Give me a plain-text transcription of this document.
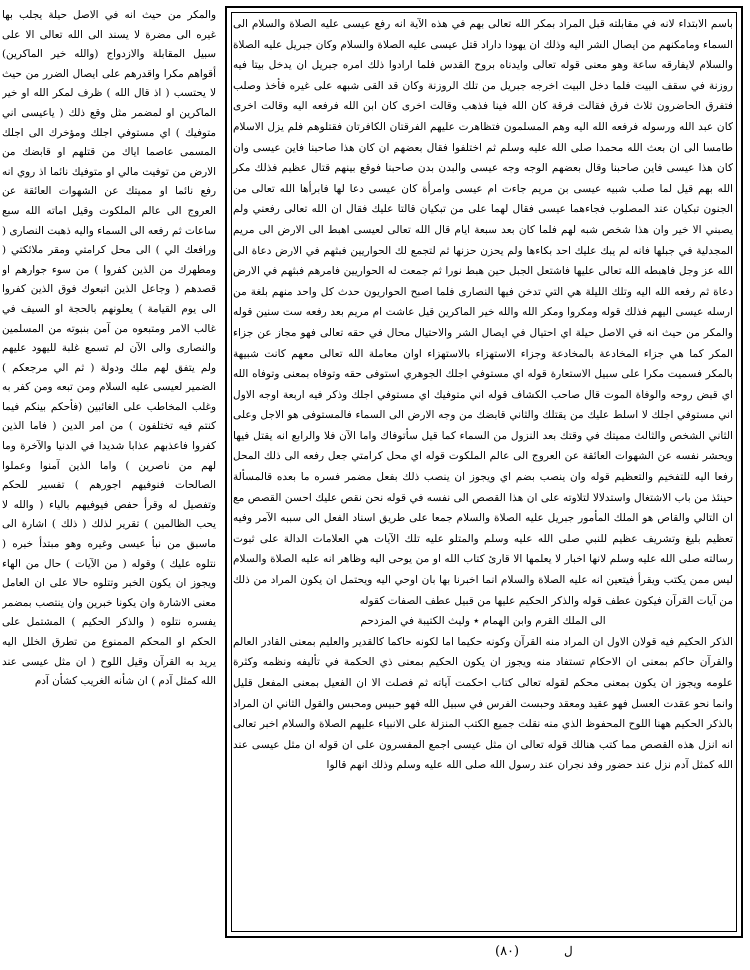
والمكر من حيث انه في الاصل حيلة يجلب بها غيره الى مضرة لا يسند الى الله تعالى الا على سبيل المقابلة والازدواج (والله خير الماكرين) أقواهم مكرا واقدرهم على ايصال الضرر من حيث لا يحتسب ( اذ قال الله ) ظرف لمكر الله او خير الماكرين او لمضمر مثل وقع ذلك ( ياعيسى اني متوفيك ) اي مستوفي اجلك ومؤخرك الى اجلك المسمى عاصما اياك من قتلهم او قابضك من الارض من توفيت مالي او متوفيك نائما اذ روي انه رفع نائما او مميتك عن الشهوات العائقة عن العروج الى عالم الملكوت وقيل اماته الله سبع ساعات ثم رفعه الى السماء واليه ذهبت النصارى ( ورافعك الي ) الى محل كرامتي ومقر ملائكتي ( ومطهرك من الذين كفروا ) من سوء جوارهم او قصدهم ( وجاعل الذين اتبعوك فوق الذين كفروا الى يوم القيامة ) يعلونهم بالحجة او السيف في غالب الامر ومتبعوه من آمن بنبوته من المسلمين والنصارى والى الآن لم تسمع غلبة لليهود عليهم ولم يتفق لهم ملك ودولة ( ثم الي مرجعكم ) الضمير لعيسى عليه السلام ومن تبعه ومن كفر به وغلب المخاطب على الغائبين (فأحكم بينكم فيما كنتم فيه تختلفون ) من امر الدين ( فاما الذين كفروا فاعذبهم عذابا شديدا في الدنيا والآخرة وما لهم من ناصرين ) واما الذين آمنوا وعملوا الصالحات فنوفيهم اجورهم ) تفسير للحكم وتفصيل له وقرأ حفص فيوفيهم بالياء ( والله لا يحب الظالمين ) تقرير لذلك ( ذلك ) اشارة الى ماسبق من نبأ عيسى وغيره وهو مبتدأ خبره ( نتلوه عليك ) وقوله ( من الآيات ) حال من الهاء ويجوز ان يكون الخبر وتتلوه حالا على ان العامل معنى الاشارة وان يكونا خبرين وان ينتصب بمضمر يفسره نتلوه ( والذكر الحكيم ) المشتمل على الحكم او المحكم الممنوع من تطرق الخلل اليه يريد به القرآن وقيل اللوح ( ان مثل عيسى عند الله كمثل آدم ) ان شأنه الغريب كشأن آدم
باسم الابتداء لانه في مقابلته قبل المراد بمكر الله تعالى بهم في هذه الآية انه رفع عيسى عليه الصلاة والسلام الى السماء ومامكنهم من ايصال الشر اليه وذلك ان يهودا داراد قتل عيسى عليه الصلاة والسلام وكان جبريل عليه الصلاة والسلام لايفارقه ساعة وهو معنى قوله تعالى وايدناه بروح القدس فلما ارادوا ذلك امره جبريل ان يدخل بيتا فيه روزنة في سقف البيت فلما دخل البيت اخرجه جبريل من تلك الروزنة وكان قد القى شبهه على غيره فأخذ وصلب فتفرق الحاضرون ثلاث فرق فقالت فرقة كان الله فينا فذهب وقالت اخرى كان ابن الله فرفعه اليه وقالت اخرى كان عبد الله ورسوله فرفعه الله اليه وهم المسلمون فتظاهرت عليهم الفرقتان الكافرتان فقتلوهم فلم يزل الاسلام طامسا الى ان بعث الله محمدا صلى الله عليه وسلم ثم اختلفوا فقال بعضهم ان كان هذا صاحبنا فاين عيسى وان كان هذا عيسى فاين صاحبنا وقال بعضهم الوجه وجه عيسى والبدن بدن صاحبنا فوقع بينهم قتال عظيم فذلك مكر الله بهم قيل لما صلب شبيه عيسى بن مريم جاءت ام عيسى وامرأة كان عيسى دعا لها فابرأها الله تعالى من الجنون تبكيان عند المصلوب فجاءهما عيسى فقال لهما على من تبكيان قالتا عليك فقال ان الله تعالى رفعني ولم يصبني الا خير وان هذا شخص شبه لهم فلما كان بعد سبعة ايام قال الله تعالى لعيسى اهبط الى الارض الى مريم المجدلية في جبلها فانه لم يبك عليك احد بكاءها ولم يحزن حزنها ثم لتجمع لك الحواريين فبثهم في الارض دعاة الى الله عز وجل فاهبطه الله تعالى عليها فاشتعل الجبل حين هبط نورا ثم جمعت له الحواريين فامرهم فبثهم في الارض دعاة ثم رفعه الله اليه وتلك الليلة هي التي تدخن فيها النصارى فلما اصبح الحواريون حدث كل واحد منهم بلغة من ارسله عيسى اليهم فذلك قوله ومكروا ومكر الله والله خير الماكرين قيل عاشت ام مريم بعد رفعه ست سنين قوله والمكر من حيث انه في الاصل حيلة اي احتيال في ايصال الشر والاحتيال محال في حقه تعالى فهو مجاز عن جزاء المكر كما هي جزاء المخادعة بالمخادعة وجزاء الاستهزاء بالاستهزاء اوان معاملة الله تعالى معهم كانت شبيهة بالمكر فسميت مكرا على سبيل الاستعارة قوله اي مستوفي اجلك الجوهري استوفى حقه وتوفاه بمعنى وتوفاه الله اي قبض روحه والوفاة الموت قال صاحب الكشاف قوله اني متوفيك اي مستوفي اجلك وذكر فيه اربعة اوجه الاول اني مستوفي اجلك لا اسلط عليك من يقتلك والثاني قابضك من وجه الارض الى السماء فالمستوفى هو الاجل وعلى الثاني الشخص والثالث مميتك في وقتك بعد النزول من السماء كما قيل سأتوفاك واما الآن فلا والرابع انه يقتل فيها ويحشر نفسه عن الشهوات العائقة عن العروج الى عالم الملكوت قوله اي محل كرامتي جعل رفعه الى ذلك المحل رفعا اليه للتفخيم والتعظيم قوله وان ينصب بضم اي ويجوز ان ينصب ذلك بفعل مضمر فسره ما بعده قالمسألة حينئذ من باب الاشتغال واستدلالا لتلاوته على ان هذا القصص الى نفسه في قوله نحن نقص عليك احسن القصص مع ان التالي والقاص هو الملك المأمور جبريل عليه الصلاة والسلام جمعا على طريق اسناد الفعل الى سببه الآمر وفيه تعظيم بليغ وتشريف عظيم للنبي صلى الله عليه وسلم والمتلو عليه تلك الآيات هي العلامات الدالة على ثبوت رسالته صلى الله عليه وسلم لانها اخبار لا يعلمها الا قارئ كتاب الله او من يوحى اليه وظاهر انه عليه الصلاة والسلام ليس ممن يكتب ويقرأ فيتعين انه عليه الصلاة والسلام انما اخبرنا بها بان اوحي اليه ويحتمل ان يكون المراد من ذلك من آيات القرآن فيكون عطف قوله والذكر الحكيم عليها من قبيل عطف الصفات كقوله
الى الملك القرم وابن الهمام ٭ وليث الكتيبة في المزدحم
الذكر الحكيم فيه قولان الاول ان المراد منه القرآن وكونه حكيما اما لكونه حاكما كالقدير والعليم بمعنى القادر العالم والقرآن حاكم بمعنى ان الاحكام تستفاد منه ويجوز ان يكون الحكيم بمعنى ذي الحكمة في تأليفه ونظمه وكثرة علومه ويجوز ان يكون بمعنى محكم لقوله تعالى كتاب احكمت آياته ثم فصلت الا ان الفعيل بمعنى المفعل قليل وانما نحو عقدت العسل فهو عقيد ومعقد وحبست الفرس في سبيل الله فهو حبيس ومحبس والقول الثاني ان المراد بالذكر الحكيم ههنا اللوح المحفوظ الذي منه نقلت جميع الكتب المنزلة على الانبياء عليهم الصلاة والسلام اخبر تعالى انه انزل هذه القصص مما كتب هنالك قوله تعالى ان مثل عيسى اجمع المفسرون على ان قوله ان مثل عيسى عند الله كمثل آدم نزل عند حضور وفد نجران عند رسول الله صلى الله عليه وسلم وذلك انهم قالوا
(٨٠)	ل
